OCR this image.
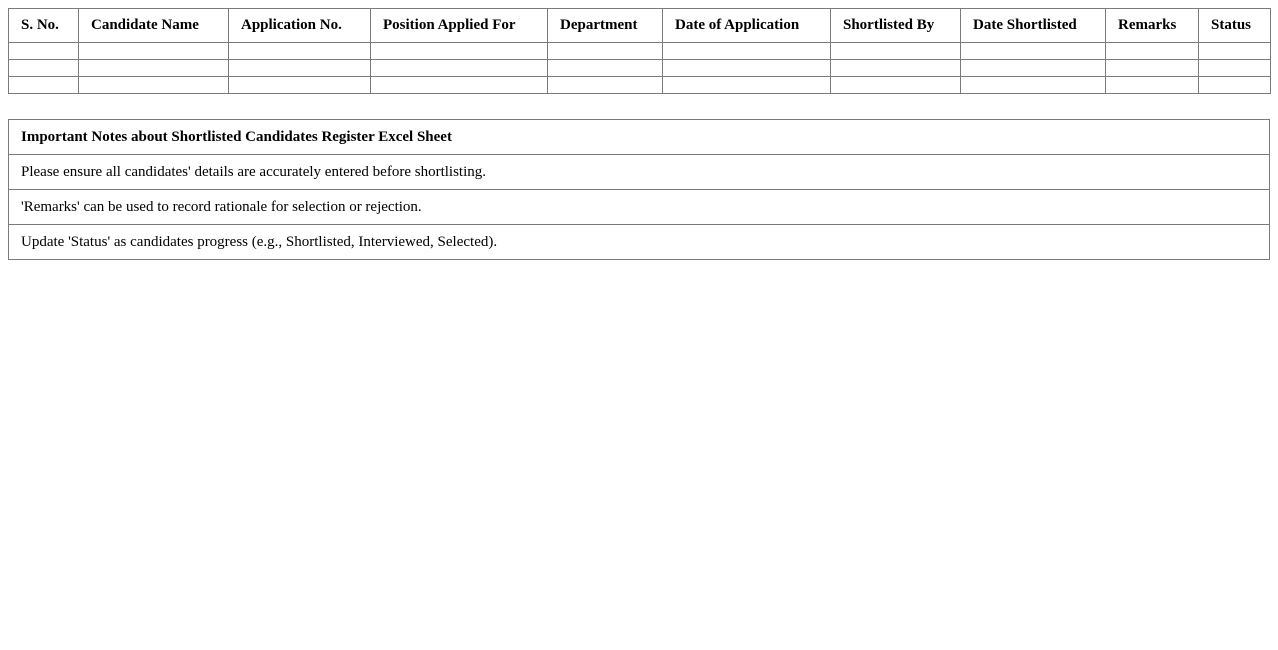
S. No.	Candidate Name	Application No.	Position Applied For	Department	Date of Application	Shortlisted By	Date Shortlisted	Remarks	Status

Important Notes about Shortlisted Candidates Register Excel Sheet
Please ensure all candidates' details are accurately entered before shortlisting.
'Remarks' can be used to record rationale for selection or rejection.
Update 'Status' as candidates progress (e.g., Shortlisted, Interviewed, Selected).
